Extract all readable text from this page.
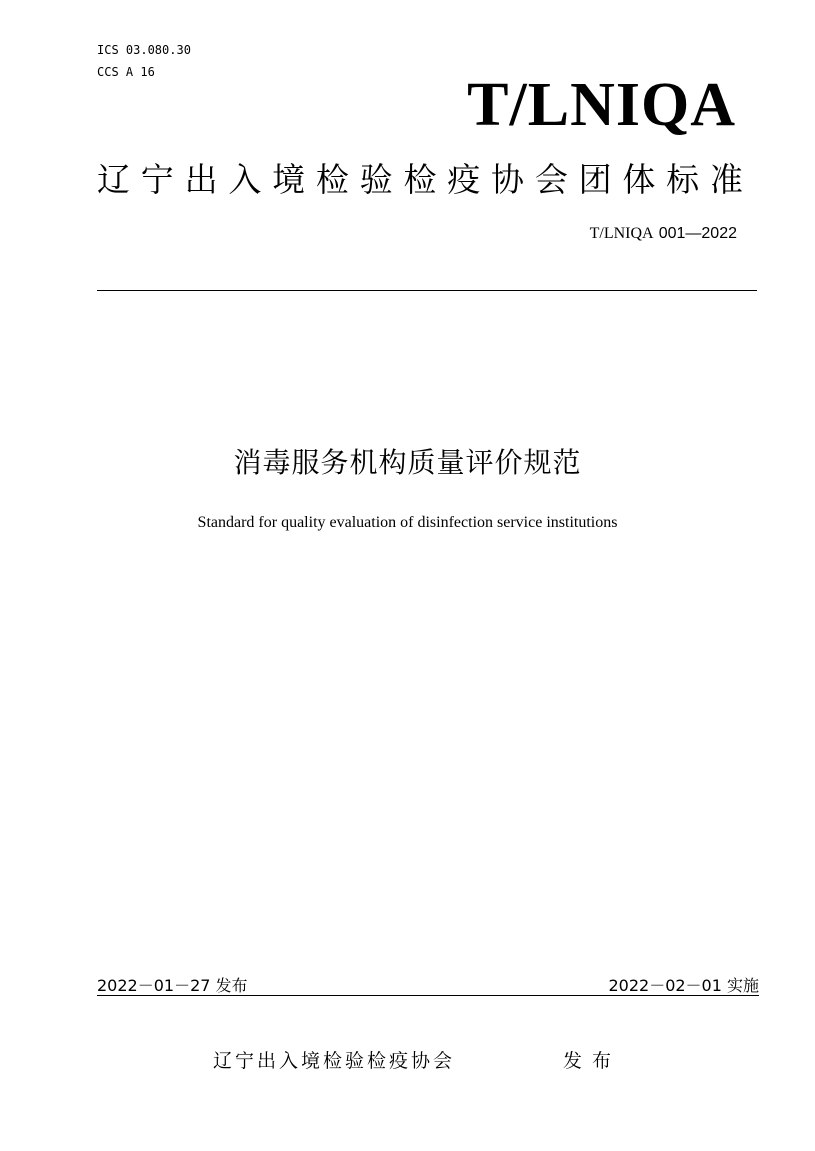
ICS 03.080.30
CCS A 16	T/LNIQA
辽 宁 出 入 境 检 验 检 疫 协 会 团 体 标 准
T/LNIQA 001—2022
消毒服务机构质量评价规范
Standard for quality evaluation of disinfection service institutions
2022－01－27 发布	2022－02－01 实施
辽宁出入境检验检疫协会	发布
